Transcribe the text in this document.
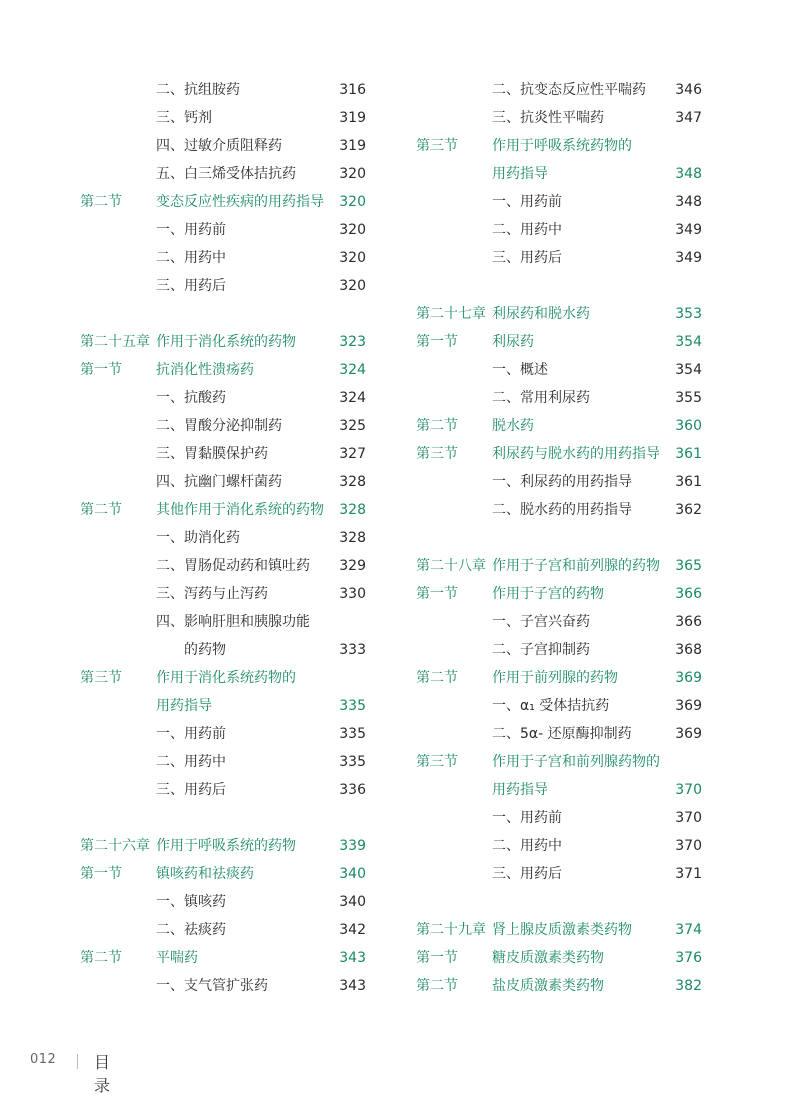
二、抗组胺药	316
三、钙剂	319
四、过敏介质阻释药	319
五、白三烯受体拮抗药	320
第二节 变态反应性疾病的用药指导 320
一、用药前	320
二、用药中	320
三、用药后	320
第二十五章 作用于消化系统的药物	323
第一节 抗消化性溃疡药	324
一、抗酸药	324
二、胃酸分泌抑制药	325
三、胃黏膜保护药	327
四、抗幽门螺杆菌药	328
第二节 其他作用于消化系统的药物 328
一、助消化药	328
二、胃肠促动药和镇吐药 329
三、泻药与止泻药	330
四、影响肝胆和胰腺功能
　　的药物	333
第三节 作用于消化系统药物的
用药指导	335
一、用药前	335
二、用药中	335
三、用药后	336
第二十六章 作用于呼吸系统的药物	339
第一节 镇咳药和祛痰药	340
一、镇咳药	340
二、祛痰药	342
第二节 平喘药	343
一、支气管扩张药	343
二、抗变态反应性平喘药 346
三、抗炎性平喘药	347
第三节 作用于呼吸系统药物的
用药指导	348
一、用药前	348
二、用药中	349
三、用药后	349
第二十七章 利尿药和脱水药	353
第一节 利尿药	354
一、概述	354
二、常用利尿药	355
第二节 脱水药	360
第三节 利尿药与脱水药的用药指导 361
一、利尿药的用药指导	361
二、脱水药的用药指导	362
第二十八章 作用于子宫和前列腺的药物 365
第一节 作用于子宫的药物	366
一、子宫兴奋药	366
二、子宫抑制药	368
第二节 作用于前列腺的药物	369
一、α₁ 受体拮抗药	369
二、5α- 还原酶抑制药	369
第三节 作用于子宫和前列腺药物的
用药指导	370
一、用药前	370
二、用药中	370
三、用药后	371
第二十九章 肾上腺皮质激素类药物	374
第一节 糖皮质激素类药物	376
第二节 盐皮质激素类药物	382
012 目录
